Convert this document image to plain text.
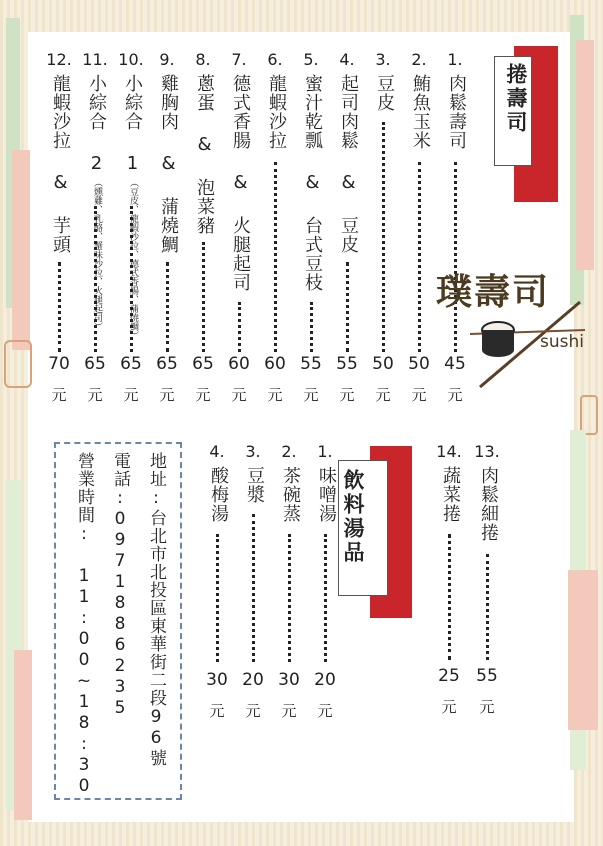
捲壽司
1.
肉鬆壽司
45
元
2.
鮪魚玉米
50
元
3.
豆皮
50
元
4.
起司肉鬆 & 豆皮
55
元
5.
蜜汁乾瓢 & 台式豆枝
55
元
6.
龍蝦沙拉
60
元
7.
德式香腸 & 火腿起司
60
元
8.
蔥蛋 & 泡菜豬
65
元
9.
雞胸肉 & 蒲燒鯛
65
元
10.
小綜合 1
（豆皮、龍蝦沙拉、德式香腸、蒲燒鯛）
65
元
11.
小綜合 2
（燻雞、乳酪、蟹味沙拉、火腿起司）
65
元
12.
龍蝦沙拉 & 芋頭
70
元
璞壽司
sushi
飲料湯品
1.
味噌湯
20
元
2.
茶碗蒸
30
元
3.
豆漿
20
元
4.
酸梅湯
30
元
13.
肉鬆細捲
55
元
14.
蔬菜捲
25
元
地址:台北市北投區東華街二段96號
電話:0971886235
營業時間: 11:00~18:30
